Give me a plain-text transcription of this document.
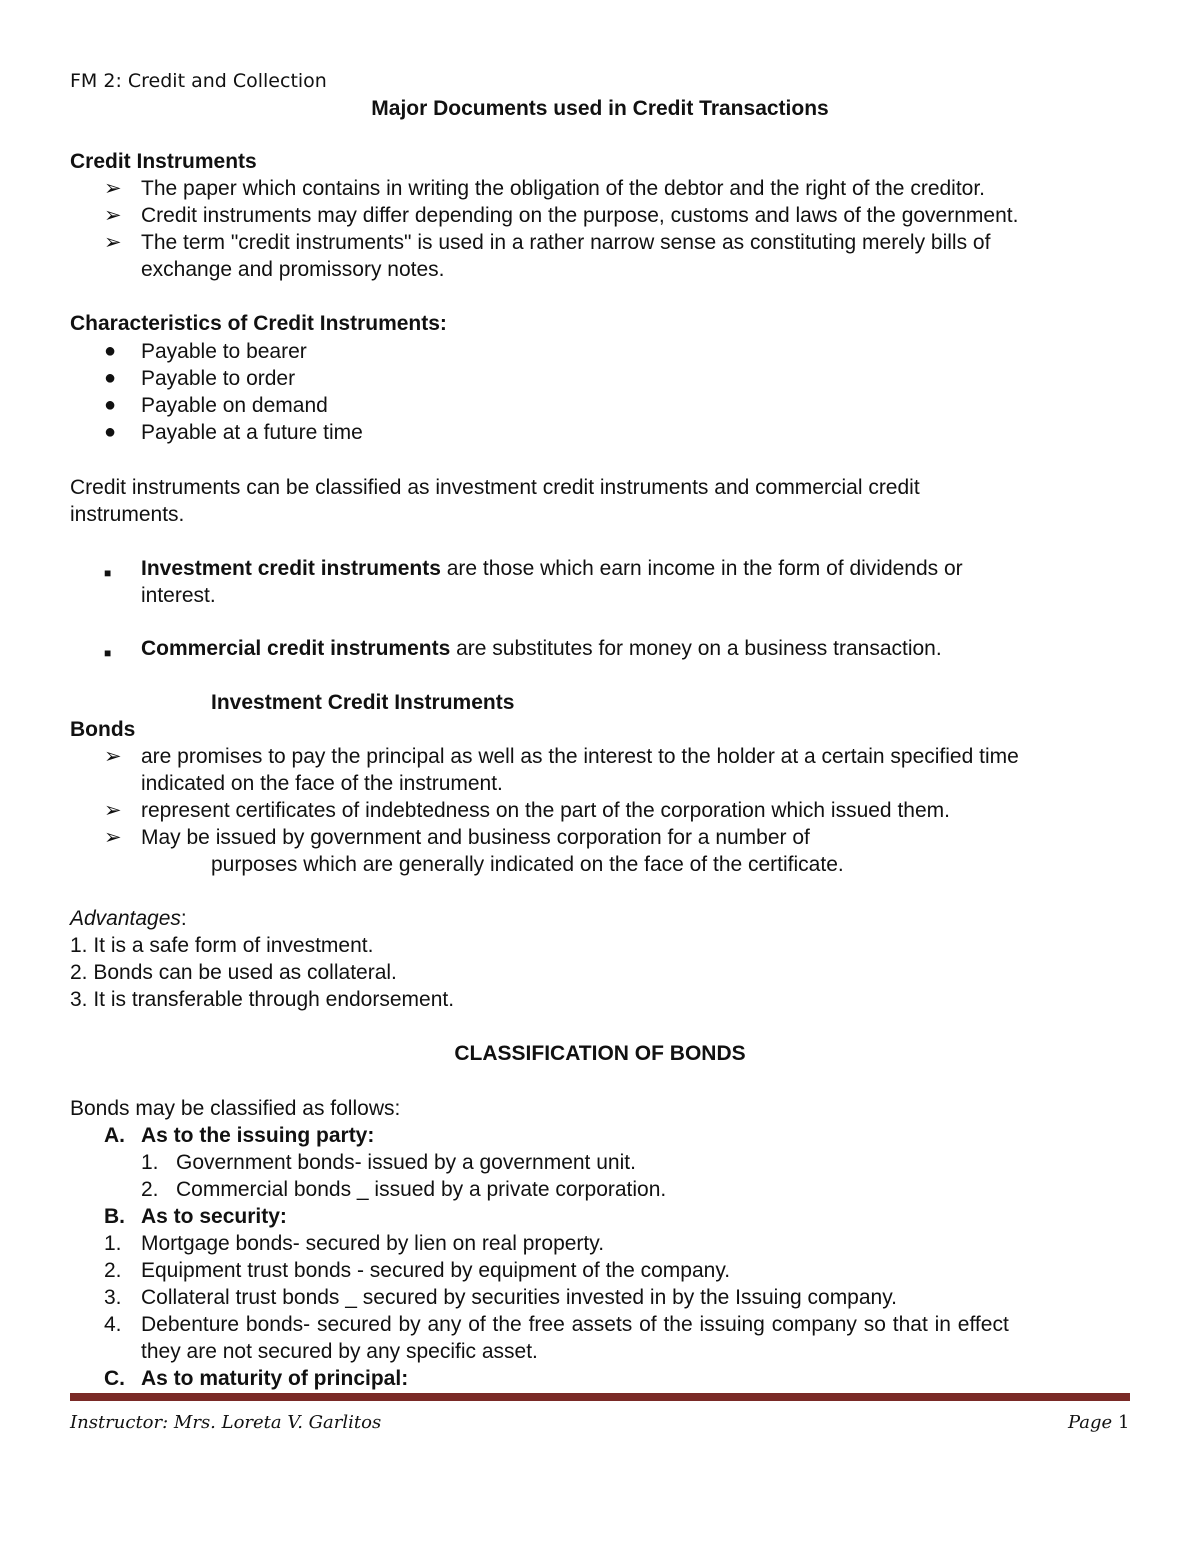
FM 2: Credit and Collection
Major Documents used in Credit Transactions
Credit Instruments
➢ The paper which contains in writing the obligation of the debtor and the right of the creditor.
➢ Credit instruments may differ depending on the purpose, customs and laws of the government.
➢ The term "credit instruments" is used in a rather narrow sense as constituting merely bills of
exchange and promissory notes.
Characteristics of Credit Instruments:
● Payable to bearer
● Payable to order
● Payable on demand
● Payable at a future time
Credit instruments can be classified as investment credit instruments and commercial credit
instruments.
■ Investment credit instruments are those which earn income in the form of dividends or
interest.
■ Commercial credit instruments are substitutes for money on a business transaction.
Investment Credit Instruments
Bonds
➢ are promises to pay the principal as well as the interest to the holder at a certain specified time
indicated on the face of the instrument.
➢ represent certificates of indebtedness on the part of the corporation which issued them.
➢ May be issued by government and business corporation for a number of
purposes which are generally indicated on the face of the certificate.
Advantages:
1. It is a safe form of investment.
2. Bonds can be used as collateral.
3. It is transferable through endorsement.
CLASSIFICATION OF BONDS
Bonds may be classified as follows:
A. As to the issuing party:
1. Government bonds- issued by a government unit.
2. Commercial bonds _ issued by a private corporation.
B. As to security:
1. Mortgage bonds- secured by lien on real property.
2. Equipment trust bonds - secured by equipment of the company.
3. Collateral trust bonds _ secured by securities invested in by the Issuing company.
4. Debenture bonds- secured by any of the free assets of the issuing company so that in effect
they are not secured by any specific asset.
C. As to maturity of principal:
Instructor: Mrs. Loreta V. Garlitos	Page 1
